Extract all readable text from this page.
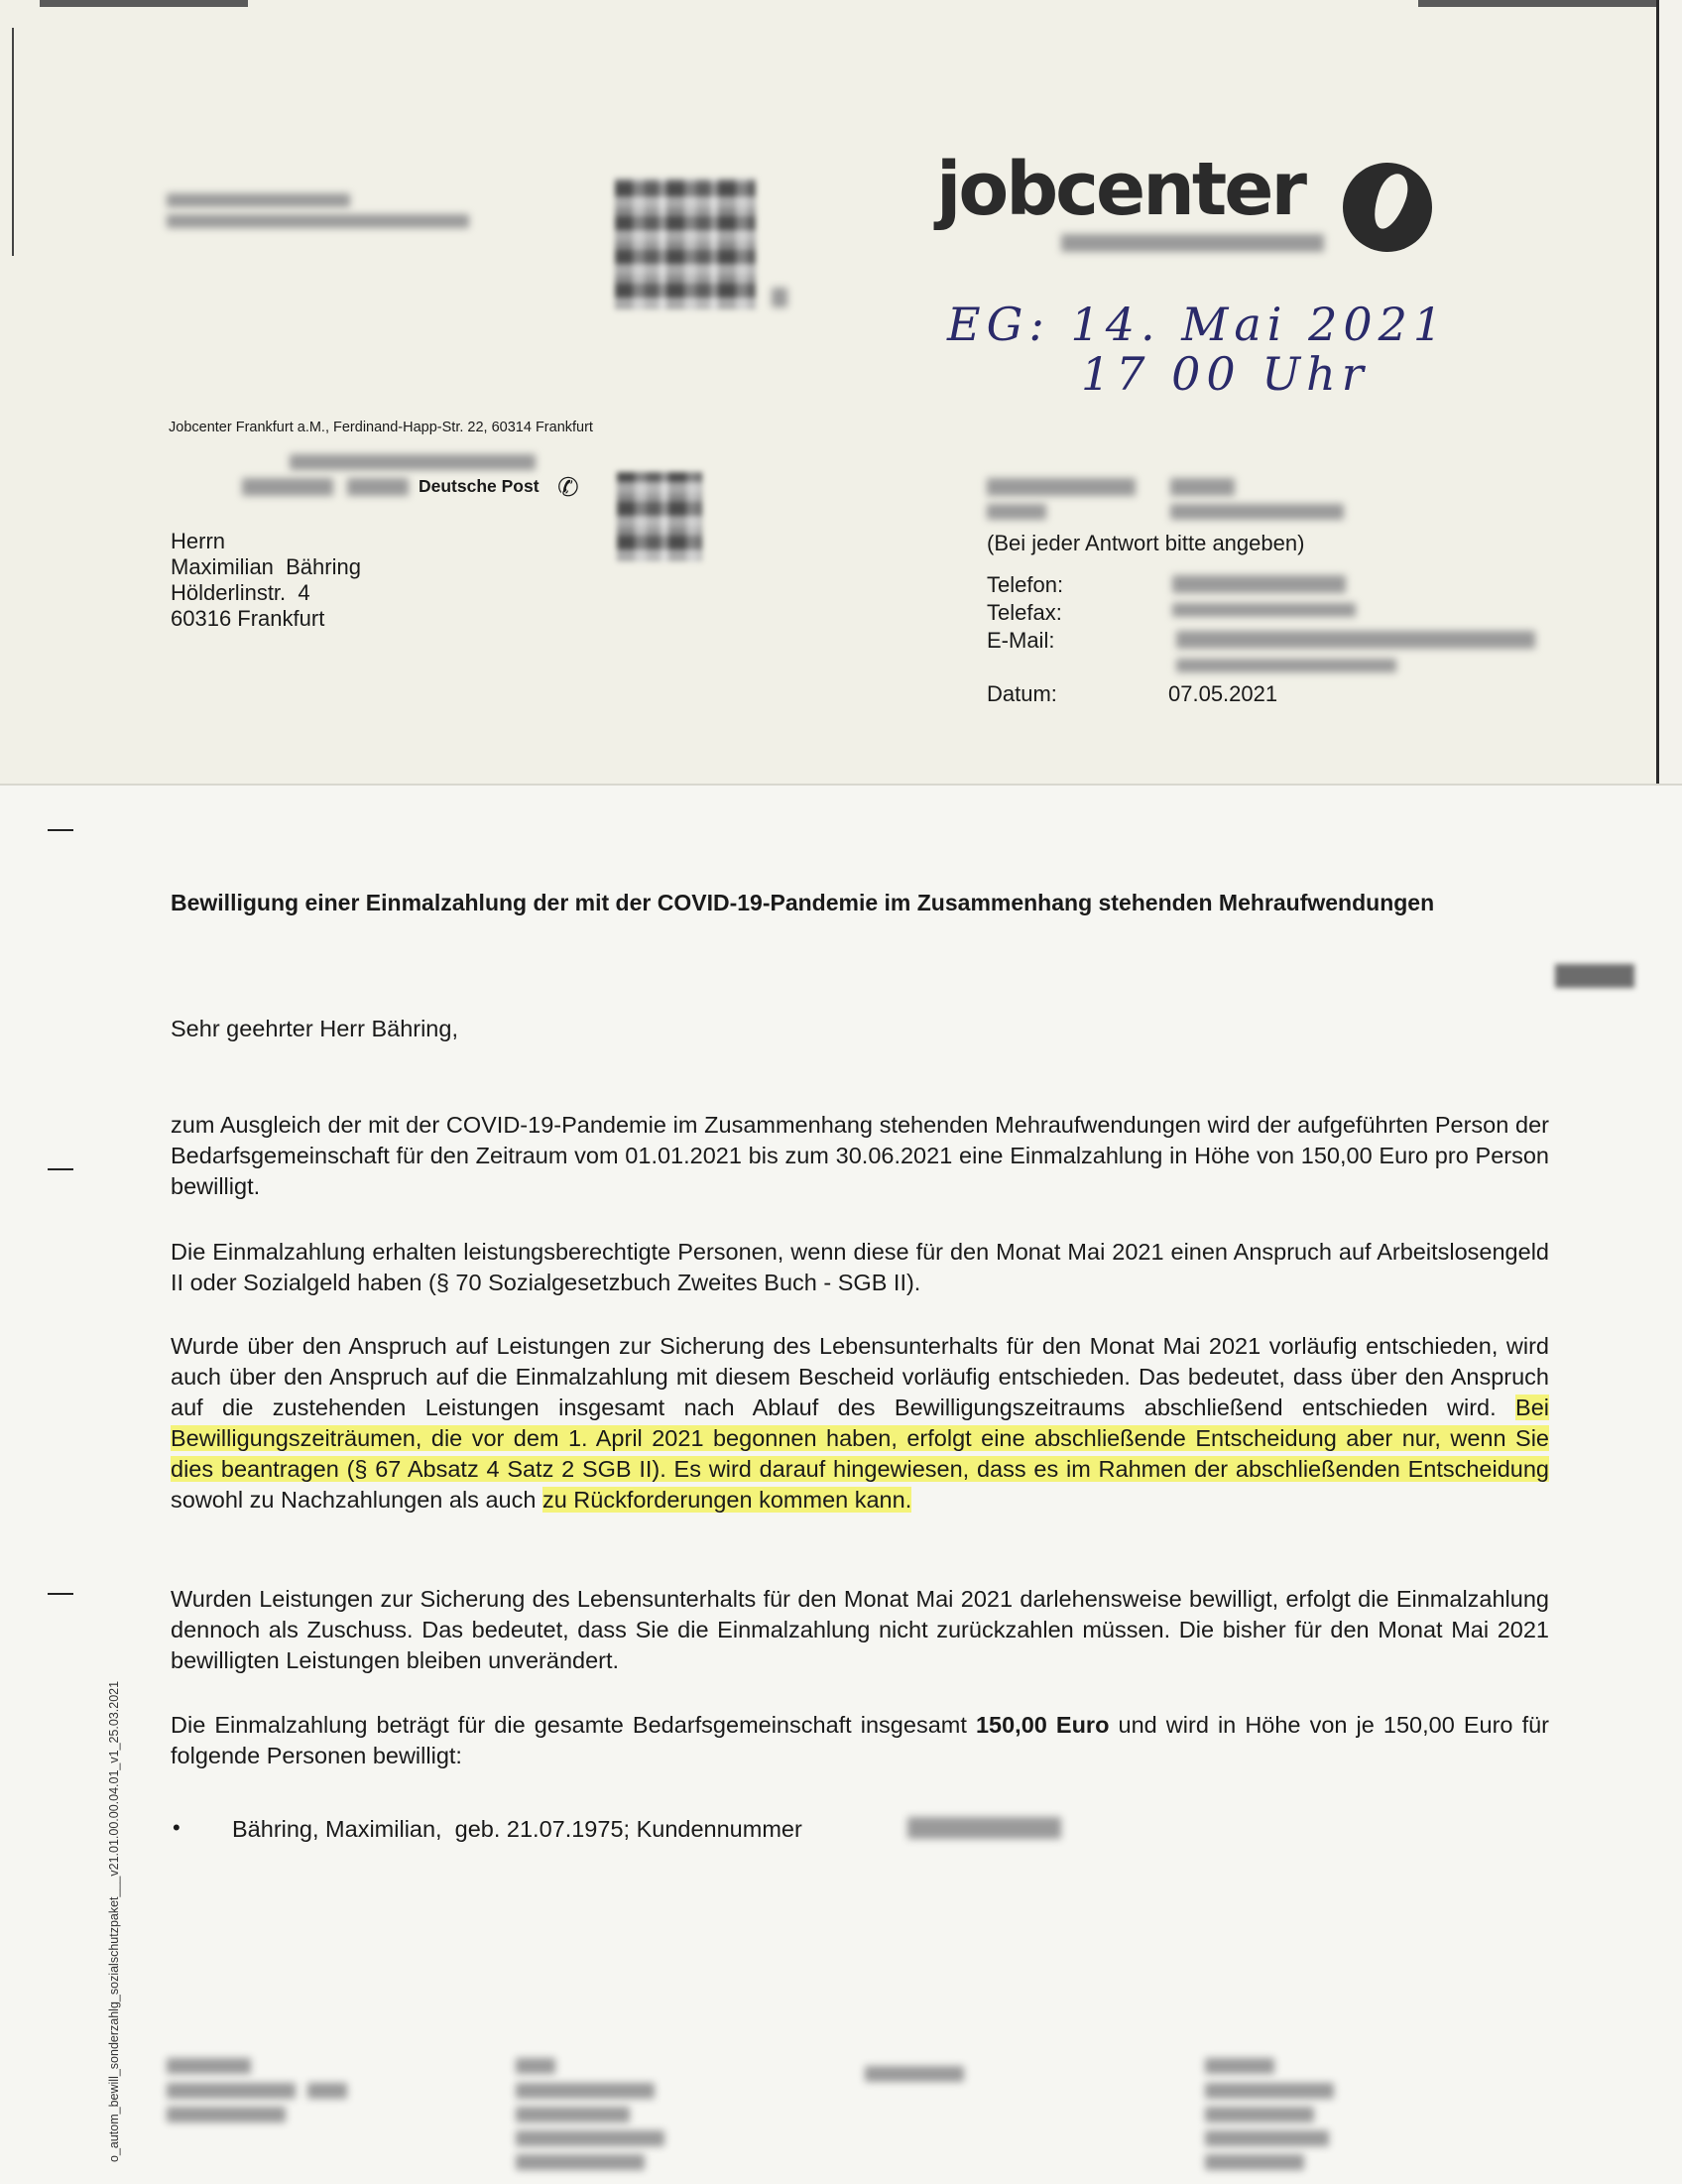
jobcenter
EG: 14. Mai 2021
17 00 Uhr
Jobcenter Frankfurt a.M., Ferdinand-Happ-Str. 22, 60314 Frankfurt
Deutsche Post ✆
Herrn
Maximilian  Bähring
Hölderlinstr.  4
60316 Frankfurt
(Bei jeder Antwort bitte angeben)
Telefon:
Telefax:
E-Mail:
Datum:	07.05.2021
Bewilligung einer Einmalzahlung der mit der COVID-19-Pandemie im Zusammenhang stehenden Mehraufwendungen
Sehr geehrter Herr Bähring,
zum Ausgleich der mit der COVID-19-Pandemie im Zusammenhang stehenden Mehraufwendungen wird der aufgeführten Person der Bedarfsgemeinschaft für den Zeitraum vom 01.01.2021 bis zum 30.06.2021 eine Einmalzahlung in Höhe von 150,00 Euro pro Person bewilligt.
Die Einmalzahlung erhalten leistungsberechtigte Personen, wenn diese für den Monat Mai 2021 einen Anspruch auf Arbeitslosengeld II oder Sozialgeld haben (§ 70 Sozialgesetzbuch Zweites Buch - SGB II).
Wurde über den Anspruch auf Leistungen zur Sicherung des Lebensunterhalts für den Monat Mai 2021 vorläufig entschieden, wird auch über den Anspruch auf die Einmalzahlung mit diesem Bescheid vorläufig entschieden. Das bedeutet, dass über den Anspruch auf die zustehenden Leistungen insgesamt nach Ablauf des Bewilligungszeitraums abschließend entschieden wird. Bei Bewilligungszeiträumen, die vor dem 1. April 2021 begonnen haben, erfolgt eine abschließende Entscheidung aber nur, wenn Sie dies beantragen (§ 67 Absatz 4 Satz 2 SGB II). Es wird darauf hingewiesen, dass es im Rahmen der abschließenden Entscheidung sowohl zu Nachzahlungen als auch zu Rückforderungen kommen kann.
Wurden Leistungen zur Sicherung des Lebensunterhalts für den Monat Mai 2021 darlehensweise bewilligt, erfolgt die Einmalzahlung dennoch als Zuschuss. Das bedeutet, dass Sie die Einmalzahlung nicht zurückzahlen müssen. Die bisher für den Monat Mai 2021 bewilligten Leistungen bleiben unverändert.
Die Einmalzahlung beträgt für die gesamte Bedarfsgemeinschaft insgesamt 150,00 Euro und wird in Höhe von je 150,00 Euro für folgende Personen bewilligt:
• Bähring, Maximilian,  geb. 21.07.1975; Kundennummer
o_autom_bewill_sonderzahlg_sozialschutzpaket___v21.01.00.00.04.01_v1_25.03.2021
